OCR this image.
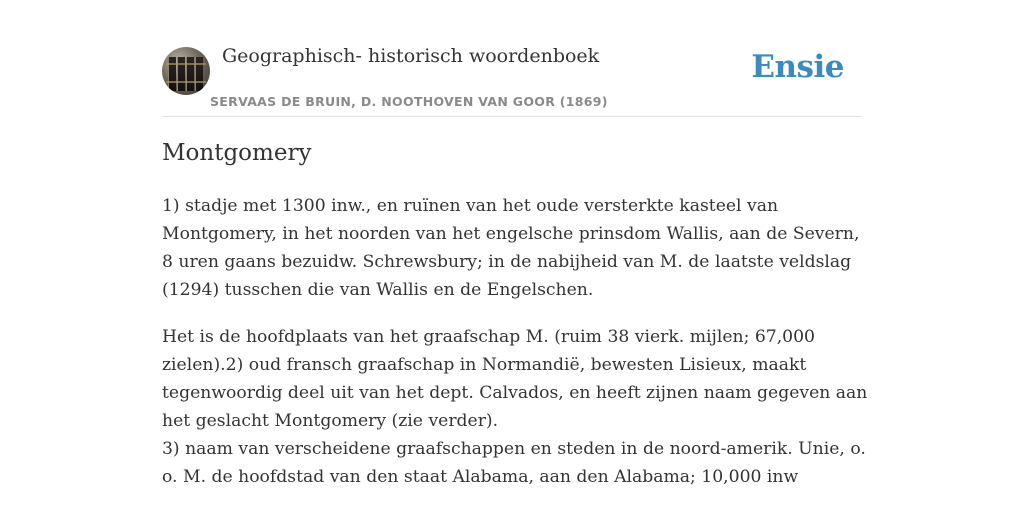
Geographisch- historisch woordenboek
SERVAAS DE BRUIN, D. NOOTHOVEN VAN GOOR (1869)
Ensie
Montgomery

1) stadje met 1300 inw., en ruïnen van het oude versterkte kasteel van Montgomery, in het noorden van het engelsche prinsdom Wallis, aan de Severn, 8 uren gaans bezuidw. Schrewsbury; in de nabijheid van M. de laatste veldslag (1294) tusschen die van Wallis en de Engelschen.

Het is de hoofdplaats van het graafschap M. (ruim 38 vierk. mijlen; 67,000 zielen).2) oud fransch graafschap in Normandië, bewesten Lisieux, maakt tegenwoordig deel uit van het dept. Calvados, en heeft zijnen naam gegeven aan het geslacht Montgomery (zie verder).
3) naam van verscheidene graafschappen en steden in de noord-amerik. Unie, o. o. M. de hoofdstad van den staat Alabama, aan den Alabama; 10,000 inw
